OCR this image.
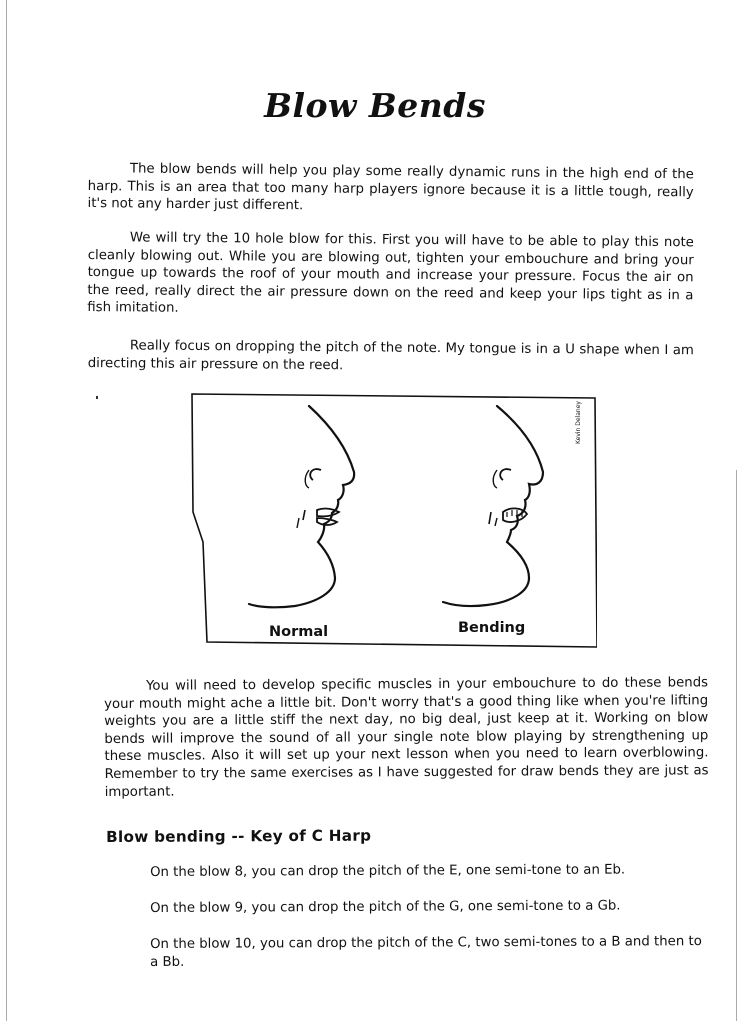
Blow Bends

The blow bends will help you play some really dynamic runs in the high end of the harp. This is an area that too many harp players ignore because it is a little tough, really it's not any harder just different.

We will try the 10 hole blow for this. First you will have to be able to play this note cleanly blowing out. While you are blowing out, tighten your embouchure and bring your tongue up towards the roof of your mouth and increase your pressure. Focus the air on the reed, really direct the air pressure down on the reed and keep your lips tight as in a fish imitation.

Really focus on dropping the pitch of the note. My tongue is in a U shape when I am directing this air pressure on the reed.

Kevin Delaney

Normal	Bending

You will need to develop specific muscles in your embouchure to do these bends your mouth might ache a little bit. Don't worry that's a good thing like when you're lifting weights you are a little stiff the next day, no big deal, just keep at it. Working on blow bends will improve the sound of all your single note blow playing by strengthening up these muscles. Also it will set up your next lesson when you need to learn overblowing. Remember to try the same exercises as I have suggested for draw bends they are just as important.

Blow bending -- Key of C Harp

On the blow 8, you can drop the pitch of the E, one semi-tone to an Eb.

On the blow 9, you can drop the pitch of the G, one semi-tone to a Gb.

On the blow 10, you can drop the pitch of the C, two semi-tones to a B and then to a Bb.
